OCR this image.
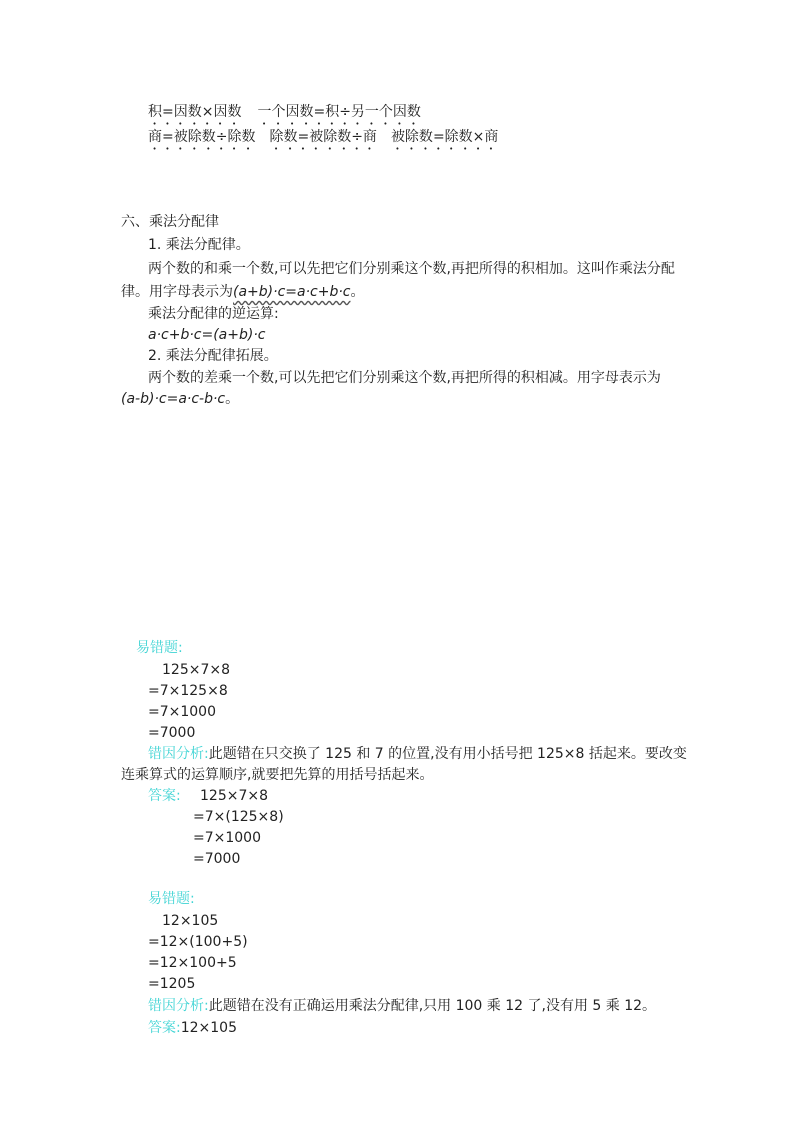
积=因数×因数 一个因数=积÷另一个因数
商=被除数÷除数 除数=被除数÷商 被除数=除数×商
六、乘法分配律
1. 乘法分配律。
两个数的和乘一个数,可以先把它们分别乘这个数,再把所得的积相加。这叫作乘法分配
律。用字母表示为(a+b)·c=a·c+b·c。
乘法分配律的逆运算:
a·c+b·c=(a+b)·c
2. 乘法分配律拓展。
两个数的差乘一个数,可以先把它们分别乘这个数,再把所得的积相减。用字母表示为
(a-b)·c=a·c-b·c。
易错题:
125×7×8
=7×125×8
=7×1000
=7000
错因分析:此题错在只交换了 125 和 7 的位置,没有用小括号把 125×8 括起来。要改变
连乘算式的运算顺序,就要把先算的用括号括起来。
答案: 125×7×8
=7×(125×8)
=7×1000
=7000
易错题:
12×105
=12×(100+5)
=12×100+5
=1205
错因分析:此题错在没有正确运用乘法分配律,只用 100 乘 12 了,没有用 5 乘 12。
答案:12×105
